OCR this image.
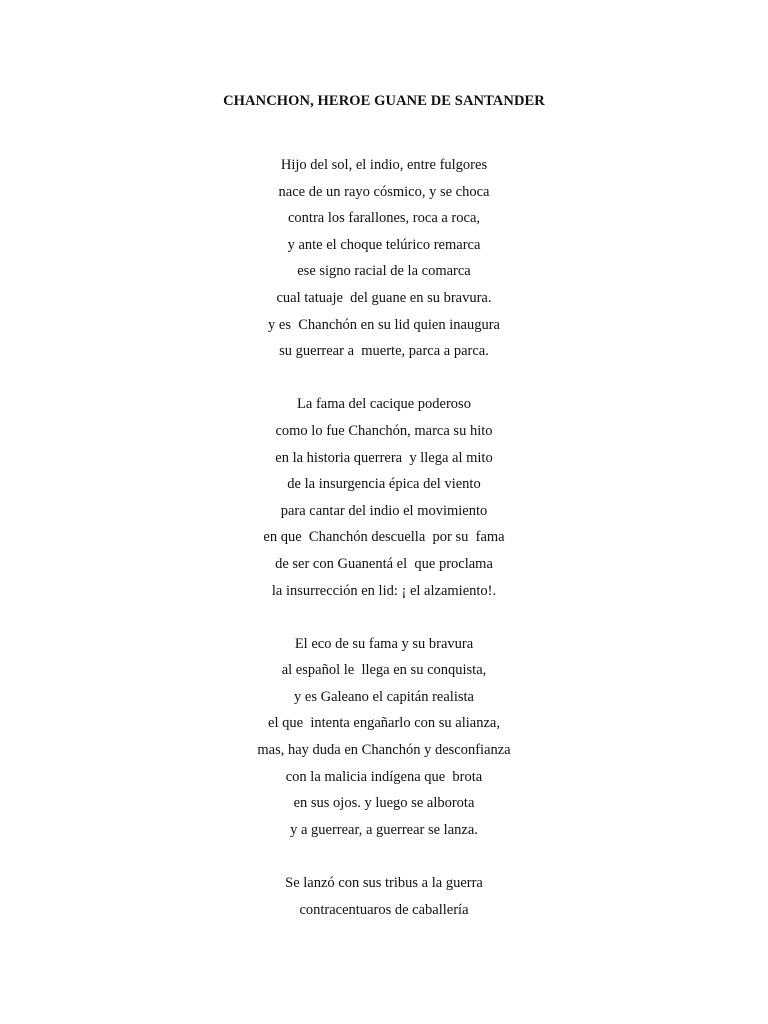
CHANCHON, HEROE GUANE DE SANTANDER
Hijo del sol, el indio, entre fulgores
nace de un rayo cósmico, y se choca
contra los farallones, roca a roca,
y ante el choque telúrico remarca
ese signo racial de la comarca
cual tatuaje  del guane en su bravura.
y es  Chanchón en su lid quien inaugura
su guerrear a  muerte, parca a parca.
La fama del cacique poderoso
como lo fue Chanchón, marca su hito
en la historia querrera  y llega al mito
de la insurgencia épica del viento
para cantar del indio el movimiento
en que  Chanchón descuella  por su  fama
de ser con Guanentá el  que proclama
la insurrección en lid: ¡ el alzamiento!.
El eco de su fama y su bravura
al español le  llega en su conquista,
y es Galeano el capitán realista
el que  intenta engañarlo con su alianza,
mas, hay duda en Chanchón y desconfianza
con la malicia indígena que  brota
en sus ojos. y luego se alborota
y a guerrear, a guerrear se lanza.
Se lanzó con sus tribus a la guerra
contracentuaros de caballería
